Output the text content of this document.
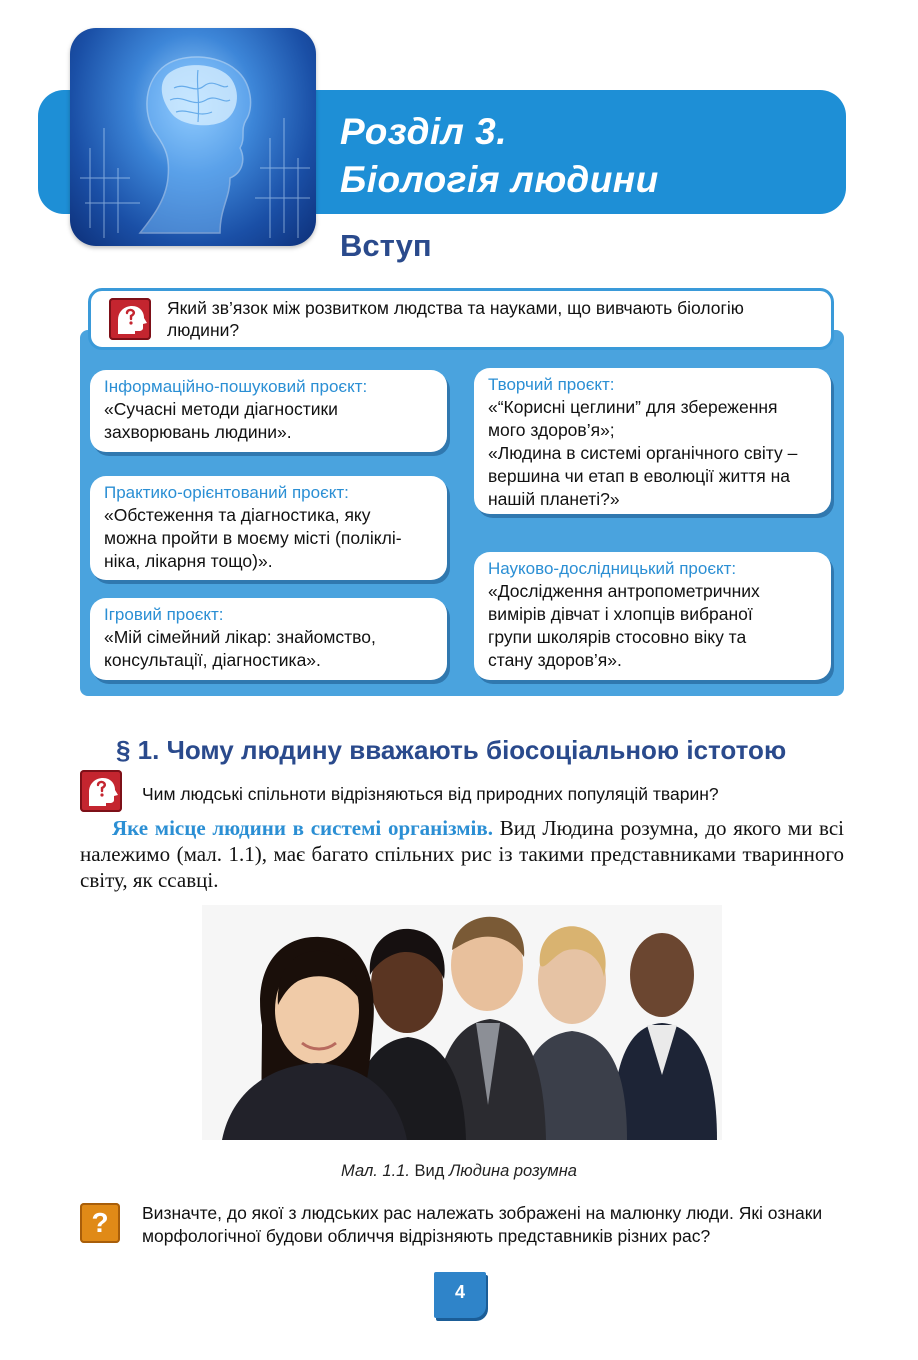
Розділ 3.
Біологія людини
Вступ
Який зв’язок між розвитком людства та науками, що вивчають біологію людини?
Інформаційно-пошуковий проєкт:
«Сучасні методи діагностики
захворювань людини».
Практико-орієнтований проєкт:
«Обстеження та діагностика, яку
можна пройти в моєму місті (поліклі-
ніка, лікарня тощо)».
Ігровий проєкт:
«Мій сімейний лікар: знайомство,
консультації, діагностика».
Творчий проєкт:
«“Корисні цеглини” для збереження
мого здоров’я»;
«Людина в системі органічного світу –
вершина чи етап в еволюції життя на
нашій планеті?»
Науково-дослідницький проєкт:
«Дослідження антропометричних
вимірів дівчат і хлопців вибраної
групи школярів стосовно віку та
стану здоров’я».
§ 1. Чому людину вважають біосоціальною істотою
Чим людські спільноти відрізняються від природних популяцій тварин?
Яке місце людини в системі організмів. Вид Людина розумна, до якого ми всі належимо (мал. 1.1), має багато спільних рис із такими представниками тваринного світу, як ссавці.
Мал. 1.1. Вид Людина розумна
?	Визначте, до якої з людських рас належать зображені на малюнку люди. Які ознаки морфологічної будови обличчя відрізняють представників різних рас?
4
